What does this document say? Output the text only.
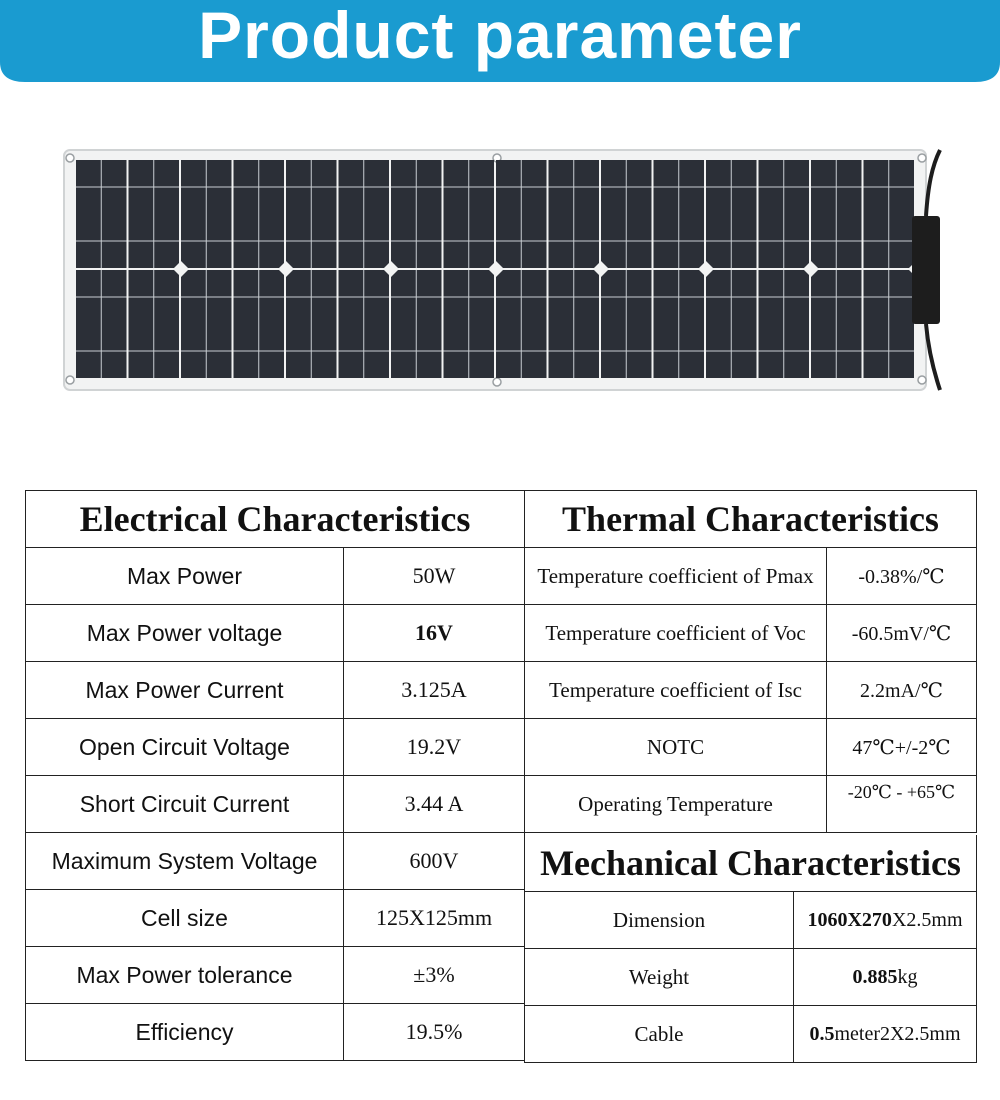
Product parameter
Electrical Characteristics	
Max Power	50W
Max Power voltage	16V
Max Power Current	3.125A
Open Circuit Voltage	19.2V
Short Circuit Current	3.44 A
Maximum System Voltage	600V
Cell size	125X125mm
Max Power tolerance	±3%
Efficiency	19.5%
Thermal Characteristics	
Temperature coefficient of Pmax	-0.38%/℃
Temperature coefficient of Voc	-60.5mV/℃
Temperature coefficient of Isc	2.2mA/℃
NOTC	47℃+/-2℃
Operating Temperature	-20℃ - +65℃
Mechanical Characteristics	
Dimension	1060X270X2.5mm
Weight	0.885kg
Cable	0.5meter2X2.5mm
